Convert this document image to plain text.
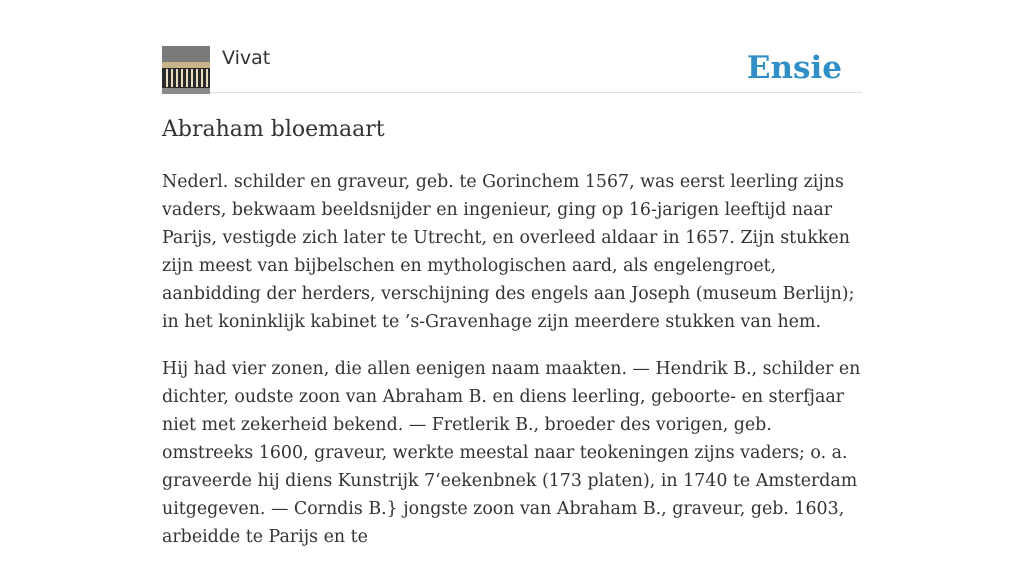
Vivat	Ensie
Abraham bloemaart

Nederl. schilder en graveur, geb. te Gorinchem 1567, was eerst leerling zijns vaders, bekwaam beeldsnijder en ingenieur, ging op 16-jarigen leeftijd naar Parijs, vestigde zich later te Utrecht, en overleed aldaar in 1657. Zijn stukken zijn meest van bijbelschen en mythologischen aard, als engelengroet, aanbidding der herders, verschijning des engels aan Joseph (museum Berlijn); in het koninklijk kabinet te ’s-Gravenhage zijn meerdere stukken van hem.

Hij had vier zonen, die allen eenigen naam maakten. — Hendrik B., schilder en dichter, oudste zoon van Abraham B. en diens leerling, geboorte- en sterfjaar niet met zekerheid bekend. — Fretlerik B., broeder des vorigen, geb. omstreeks 1600, graveur, werkte meestal naar teokeningen zijns vaders; o. a. graveerde hij diens Kunstrijk 7‘eekenbnek (173 platen), in 1740 te Amsterdam uitgegeven. — Corndis B.} jongste zoon van Abraham B., graveur, geb. 1603, arbeidde te Parijs en te
